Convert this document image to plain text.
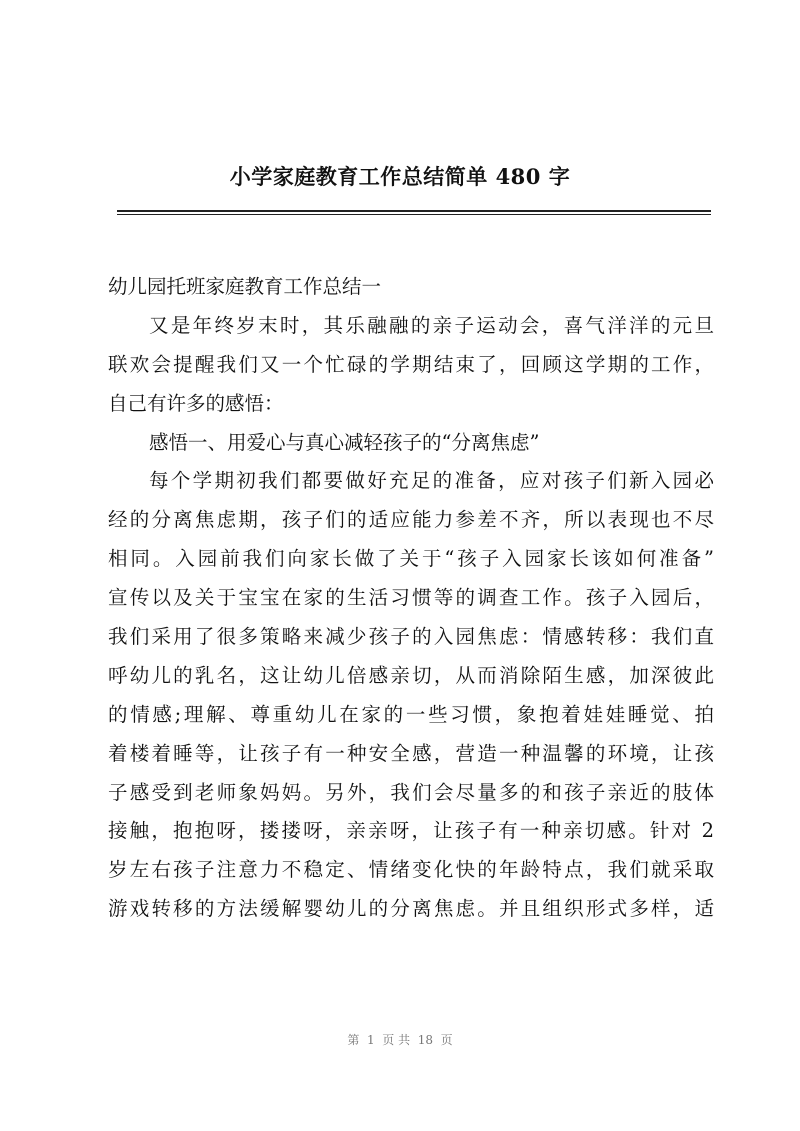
小学家庭教育工作总结简单 480 字
幼儿园托班家庭教育工作总结一
又是年终岁末时，其乐融融的亲子运动会，喜气洋洋的元旦
联欢会提醒我们又一个忙碌的学期结束了，回顾这学期的工作，
自己有许多的感悟：
感悟一、用爱心与真心减轻孩子的“分离焦虑”
每个学期初我们都要做好充足的准备，应对孩子们新入园必
经的分离焦虑期，孩子们的适应能力参差不齐，所以表现也不尽
相同。入园前我们向家长做了关于“孩子入园家长该如何准备”
宣传以及关于宝宝在家的生活习惯等的调查工作。孩子入园后，
我们采用了很多策略来减少孩子的入园焦虑：情感转移：我们直
呼幼儿的乳名，这让幼儿倍感亲切，从而消除陌生感，加深彼此
的情感;理解、尊重幼儿在家的一些习惯，象抱着娃娃睡觉、拍
着楼着睡等，让孩子有一种安全感，营造一种温馨的环境，让孩
子感受到老师象妈妈。另外，我们会尽量多的和孩子亲近的肢体
接触，抱抱呀，搂搂呀，亲亲呀，让孩子有一种亲切感。针对 2
岁左右孩子注意力不稳定、情绪变化快的年龄特点，我们就采取
游戏转移的方法缓解婴幼儿的分离焦虑。并且组织形式多样，适
第  1  页 共  18  页
